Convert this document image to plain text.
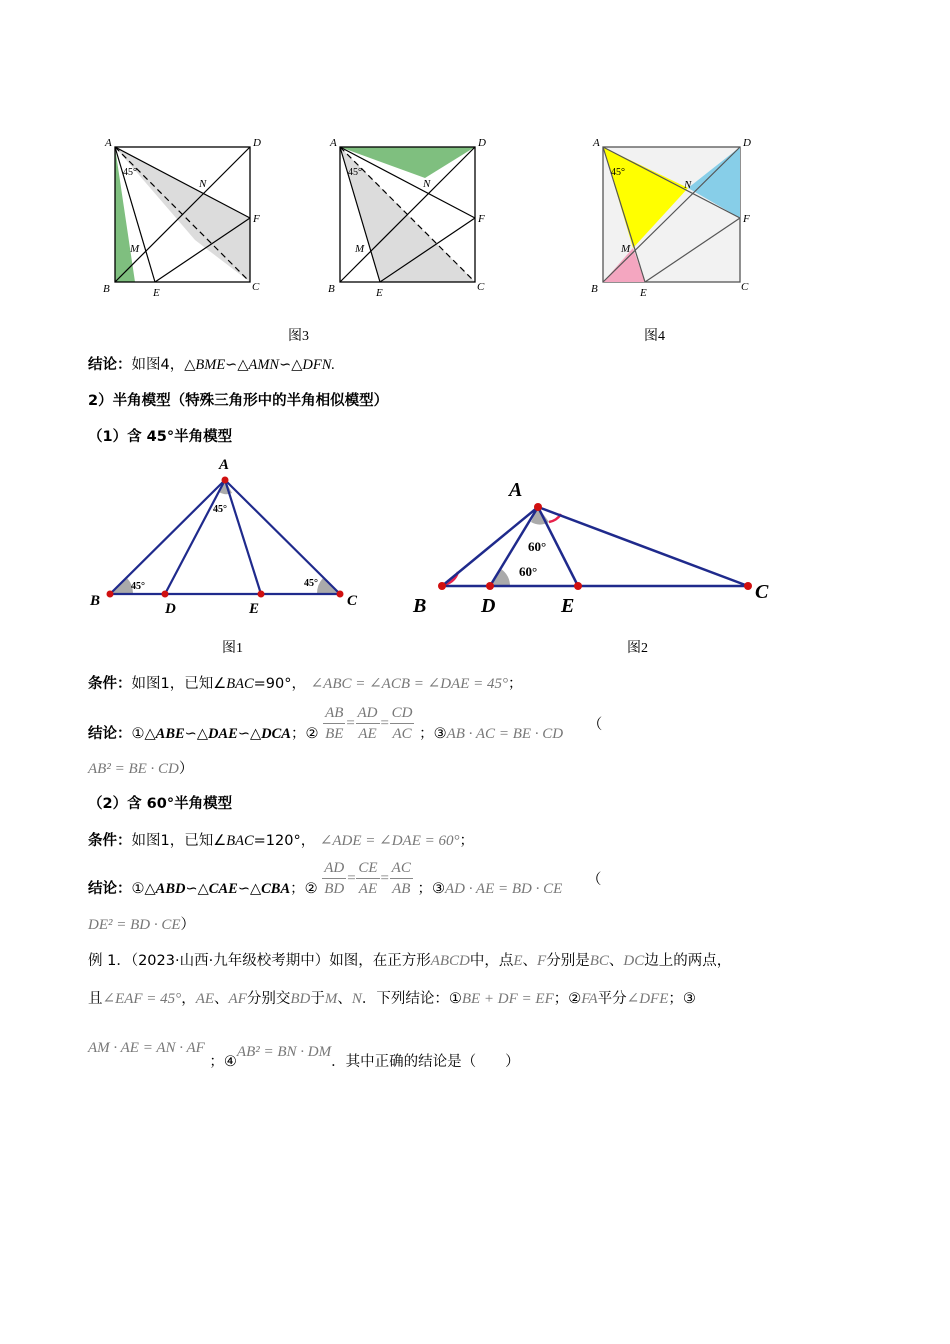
A	D
B	C
E
F
M
N
45°
A	D
B	C
E
F
M
N
45°
A	D
B	C
E
F
M
N
45°
图3	图4
结论：如图4，△BME∽△AMN∽△DFN.
2）半角模型（特殊三角形中的半角相似模型）
（1）含 45°半角模型
A
B	D	E	C
45°
45°	45°
A
B	D	E
C
60°
60°
图1	图2
条件：如图1，已知∠BAC=90°， ∠ABC = ∠ACB = ∠DAE = 45°；
结论：①△ABE∽△DAE∽△DCA；② $\frac{AB}{BE} = \frac{AD}{AE} = \frac{CD}{AC}$ ；③AB · AC = BE · CD （
AB² = BE · CD）
（2）含 60°半角模型
条件：如图1，已知∠BAC=120°， ∠ADE = ∠DAE = 60°；
结论：①△ABD∽△CAE∽△CBA；② $\frac{AD}{BD} = \frac{CE}{AE} = \frac{AC}{AB}$ ；③AD · AE = BD · CE （
DE² = BD · CE）
例 1．（2023·山西·九年级校考期中）如图，在正方形ABCD中，点E、F分别是BC、DC边上的两点，
且∠EAF = 45°，AE、AF分别交BD于M、N．下列结论：①BE + DF = EF；②FA平分∠DFE；③
AM · AE = AN · AF ；④AB² = BN · DM．其中正确的结论是（　　）
